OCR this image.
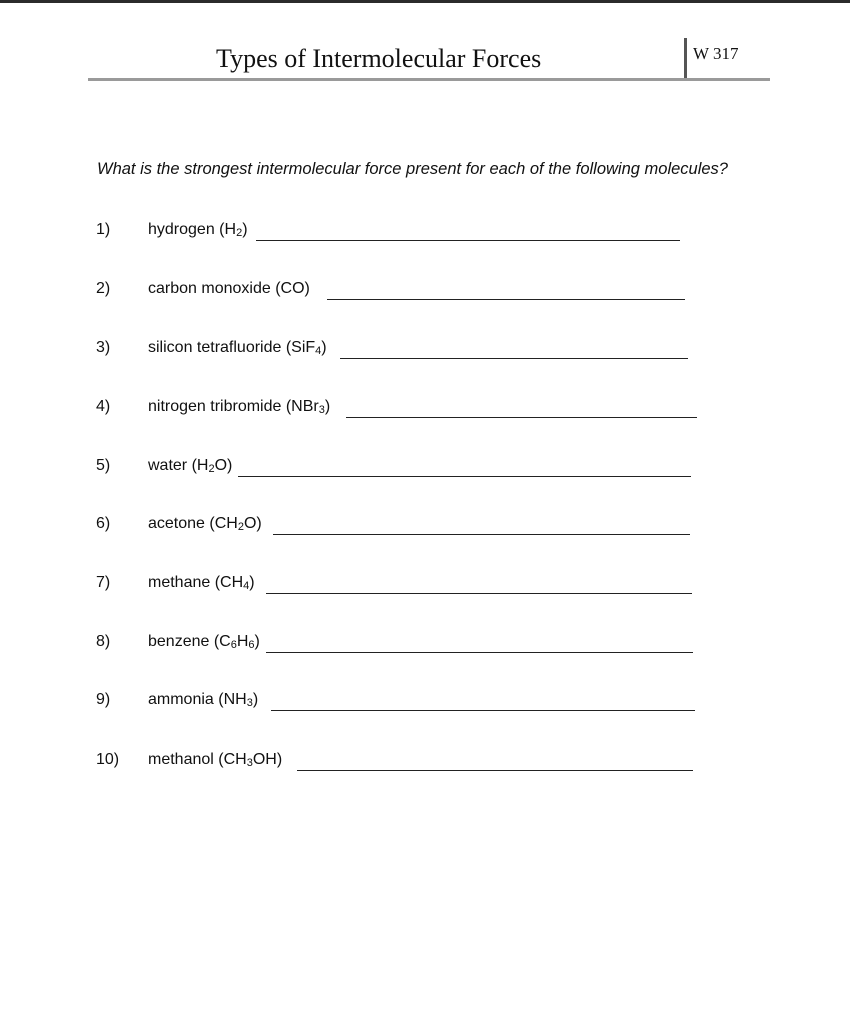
Types of Intermolecular Forces	W 317
What is the strongest intermolecular force present for each of the following molecules?
1) hydrogen $(H_2)$
2) carbon monoxide (CO)
3) silicon tetrafluoride (SiF$_4$)
4) nitrogen tribromide (NBr$_3$)
5) water $(H_2O)$
6) acetone $(CH_2O)$
7) methane $(CH_4)$
8) benzene $(C_6H_6)$
9) ammonia $(NH_3)$
10) methanol $(CH_3OH)$
